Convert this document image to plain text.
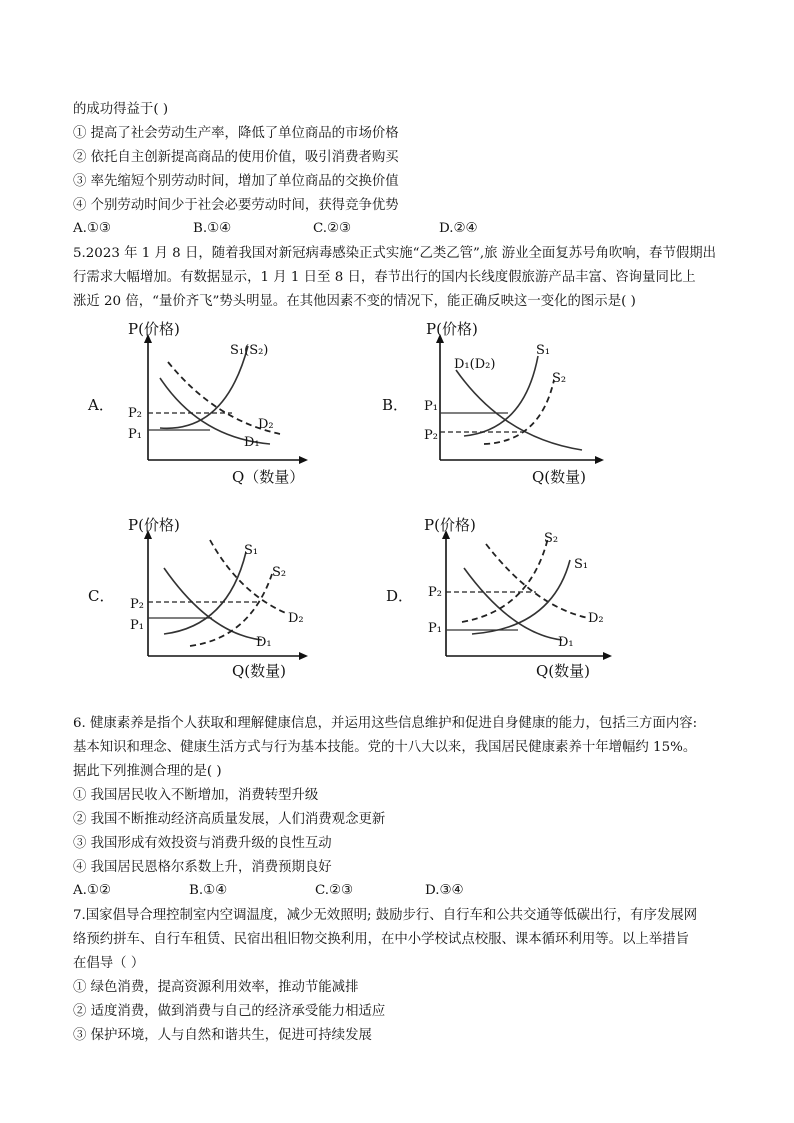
的成功得益于( )
① 提高了社会劳动生产率，降低了单位商品的市场价格
② 依托自主创新提高商品的使用价值，吸引消费者购买
③ 率先缩短个别劳动时间，增加了单位商品的交换价值
④ 个别劳动时间少于社会必要劳动时间，获得竞争优势
A.①③	B.①④	C.②③	D.②④
5.2023 年 1 月 8 日，随着我国对新冠病毒感染正式实施“乙类乙管”,旅 游业全面复苏号角吹响，春节假期出
行需求大幅增加。有数据显示，1 月 1 日至 8 日，春节出行的国内长线度假旅游产品丰富、咨询量同比上
涨近 20 倍，“量价齐飞”势头明显。在其他因素不变的情况下，能正确反映这一变化的图示是( )
A．
P(价格)
Q（数量）
S₁(S₂)
D₁
D₂
P₂
P₁
B．
P(价格)
Q(数量)
D₁(D₂)
S₁
S₂
P₁
P₂
C．
P(价格)
Q(数量)
S₁
S₂
D₂
D₁
P₂
P₁
D．
P(价格)
Q(数量)
S₂
S₁
D₂
D₁
P₂
P₁
6. 健康素养是指个人获取和理解健康信息，并运用这些信息维护和促进自身健康的能力，包括三方面内容:
基本知识和理念、健康生活方式与行为基本技能。党的十八大以来，我国居民健康素养十年增幅约 15%。
据此下列推测合理的是( )
① 我国居民收入不断增加，消费转型升级
② 我国不断推动经济高质量发展，人们消费观念更新
③ 我国形成有效投资与消费升级的良性互动
④ 我国居民恩格尔系数上升，消费预期良好
A.①②	B.①④	C.②③	D.③④
7.国家倡导合理控制室内空调温度，减少无效照明; 鼓励步行、自行车和公共交通等低碳出行，有序发展网
络预约拼车、自行车租赁、民宿出租旧物交换利用，在中小学校试点校服、课本循环利用等。以上举措旨
在倡导（ ）
① 绿色消费，提高资源利用效率，推动节能减排
② 适度消费，做到消费与自己的经济承受能力相适应
③ 保护环境，人与自然和谐共生，促进可持续发展
